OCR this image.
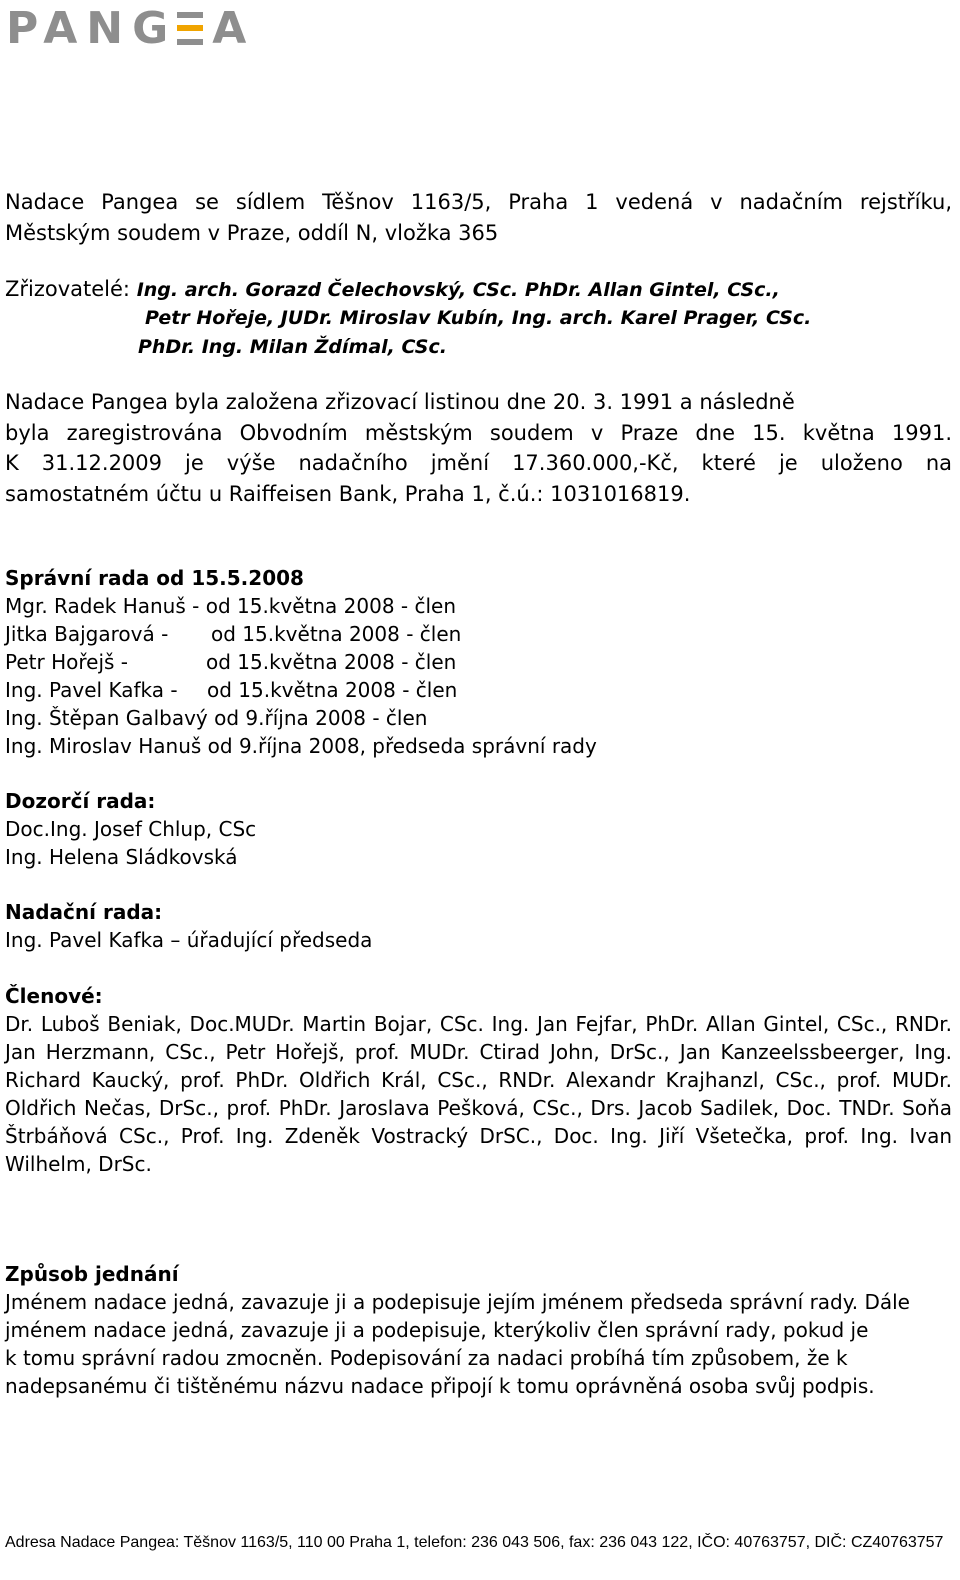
PANG A
Nadace Pangea se sídlem Těšnov 1163/5, Praha 1 vedená v nadačním rejstříku,
Městským soudem v Praze, oddíl N, vložka 365
Zřizovatelé: Ing. arch. Gorazd Čelechovský, CSc. PhDr. Allan Gintel, CSc.,
Petr Hořeje, JUDr. Miroslav Kubín, Ing. arch. Karel Prager, CSc.
PhDr. Ing. Milan Ždímal, CSc.
Nadace Pangea byla založena zřizovací listinou dne 20. 3. 1991 a následně
byla zaregistrována Obvodním městským soudem v Praze dne 15. května 1991.
K 31.12.2009 je výše nadačního jmění 17.360.000,-Kč, které je uloženo na
samostatném účtu u Raiffeisen Bank, Praha 1, č.ú.: 1031016819.
Správní rada od 15.5.2008
Mgr. Radek Hanuš - od 15.května 2008 - člen
Jitka Bajgarová -od 15.května 2008 - člen
Petr Hořejš -	od 15.května 2008 - člen
Ing. Pavel Kafka -od 15.května 2008 - člen
Ing. Štěpan Galbavý od 9.října 2008 - člen
Ing. Miroslav Hanuš od 9.října 2008, předseda správní rady
Dozorčí rada:
Doc.Ing. Josef Chlup, CSc
Ing. Helena Sládkovská
Nadační rada:
Ing. Pavel Kafka – úřadující předseda
Členové:
Dr. Luboš Beniak, Doc.MUDr. Martin Bojar, CSc. Ing. Jan Fejfar, PhDr. Allan Gintel, CSc., RNDr. Jan Herzmann, CSc., Petr Hořejš, prof. MUDr. Ctirad John, DrSc., Jan Kanzeelssbeerger, Ing. Richard Kaucký, prof. PhDr. Oldřich Král, CSc., RNDr. Alexandr Krajhanzl, CSc., prof. MUDr. Oldřich Nečas, DrSc., prof. PhDr. Jaroslava Pešková, CSc., Drs. Jacob Sadilek, Doc. TNDr. Soňa Štrbáňová CSc., Prof. Ing. Zdeněk Vostracký DrSC., Doc. Ing. Jiří Všetečka, prof. Ing. Ivan Wilhelm, DrSc.
Způsob jednání
Jménem nadace jedná, zavazuje ji a podepisuje jejím jménem předseda správní rady. Dále
jménem nadace jedná, zavazuje ji a podepisuje, kterýkoliv člen správní rady, pokud je
k tomu správní radou zmocněn. Podepisování za nadaci probíhá tím způsobem, že k
nadepsanému či tištěnému názvu nadace připojí k tomu oprávněná osoba svůj podpis.
Adresa Nadace Pangea: Těšnov 1163/5, 110 00 Praha 1, telefon: 236 043 506, fax: 236 043 122, IČO: 40763757, DIČ: CZ40763757
